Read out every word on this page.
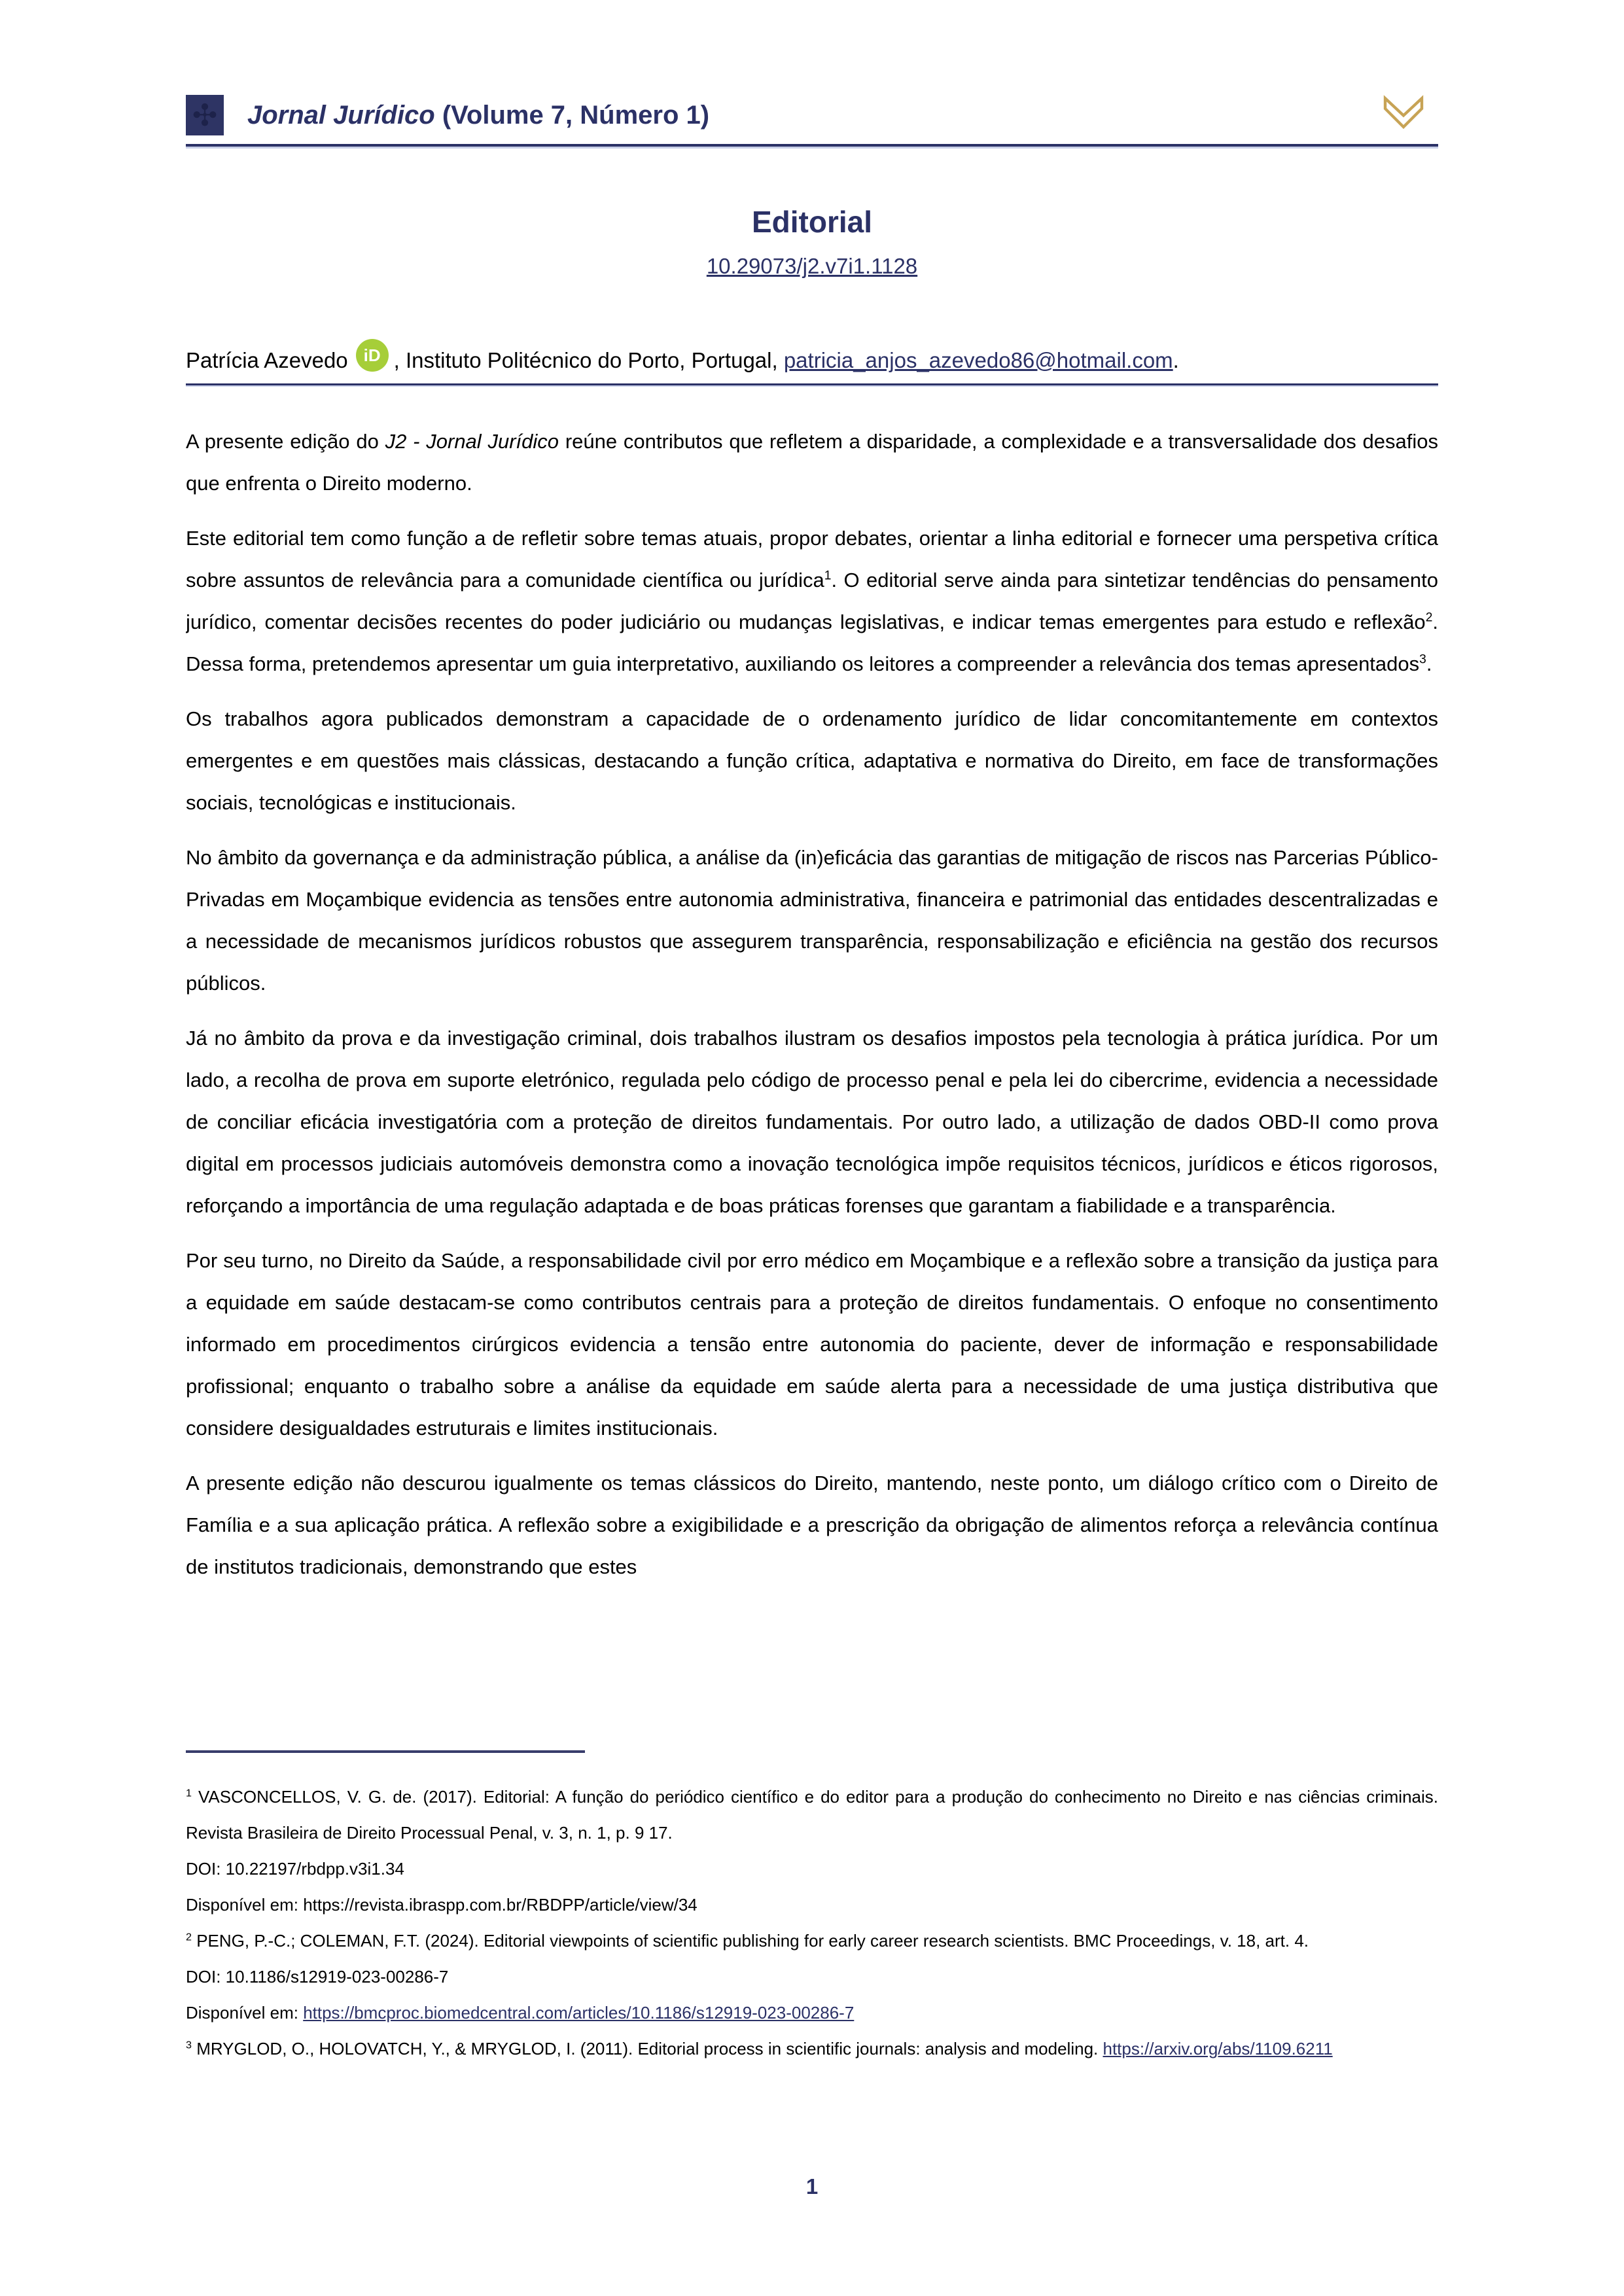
✣ Jornal Jurídico (Volume 7, Número 1)
Editorial
10.29073/j2.v7i1.1128
Patrícia Azevedo iD , Instituto Politécnico do Porto, Portugal, patricia_anjos_azevedo86@hotmail.com.

A presente edição do J2 - Jornal Jurídico reúne contributos que refletem a disparidade, a complexidade e a transversalidade dos desafios que enfrenta o Direito moderno.

Este editorial tem como função a de refletir sobre temas atuais, propor debates, orientar a linha editorial e fornecer uma perspetiva crítica sobre assuntos de relevância para a comunidade científica ou jurídica$^1$. O editorial serve ainda para sintetizar tendências do pensamento jurídico, comentar decisões recentes do poder judiciário ou mudanças legislativas, e indicar temas emergentes para estudo e reflexão$^2$. Dessa forma, pretendemos apresentar um guia interpretativo, auxiliando os leitores a compreender a relevância dos temas apresentados$^3$.

Os trabalhos agora publicados demonstram a capacidade de o ordenamento jurídico de lidar concomitantemente em contextos emergentes e em questões mais clássicas, destacando a função crítica, adaptativa e normativa do Direito, em face de transformações sociais, tecnológicas e institucionais.

No âmbito da governança e da administração pública, a análise da (in)eficácia das garantias de mitigação de riscos nas Parcerias Público-Privadas em Moçambique evidencia as tensões entre autonomia administrativa, financeira e patrimonial das entidades descentralizadas e a necessidade de mecanismos jurídicos robustos que assegurem transparência, responsabilização e eficiência na gestão dos recursos públicos.

Já no âmbito da prova e da investigação criminal, dois trabalhos ilustram os desafios impostos pela tecnologia à prática jurídica. Por um lado, a recolha de prova em suporte eletrónico, regulada pelo código de processo penal e pela lei do cibercrime, evidencia a necessidade de conciliar eficácia investigatória com a proteção de direitos fundamentais. Por outro lado, a utilização de dados OBD-II como prova digital em processos judiciais automóveis demonstra como a inovação tecnológica impõe requisitos técnicos, jurídicos e éticos rigorosos, reforçando a importância de uma regulação adaptada e de boas práticas forenses que garantam a fiabilidade e a transparência.

Por seu turno, no Direito da Saúde, a responsabilidade civil por erro médico em Moçambique e a reflexão sobre a transição da justiça para a equidade em saúde destacam-se como contributos centrais para a proteção de direitos fundamentais. O enfoque no consentimento informado em procedimentos cirúrgicos evidencia a tensão entre autonomia do paciente, dever de informação e responsabilidade profissional; enquanto o trabalho sobre a análise da equidade em saúde alerta para a necessidade de uma justiça distributiva que considere desigualdades estruturais e limites institucionais.

A presente edição não descurou igualmente os temas clássicos do Direito, mantendo, neste ponto, um diálogo crítico com o Direito de Família e a sua aplicação prática. A reflexão sobre a exigibilidade e a prescrição da obrigação de alimentos reforça a relevância contínua de institutos tradicionais, demonstrando que estes

$^1$ VASCONCELLOS, V. G. de. (2017). Editorial: A função do periódico científico e do editor para a produção do conhecimento no Direito e nas ciências criminais. Revista Brasileira de Direito Processual Penal, v. 3, n. 1, p. 9 17.

DOI: 10.22197/rbdpp.v3i1.34

Disponível em: https://revista.ibraspp.com.br/RBDPP/article/view/34

$^2$ PENG, P.-C.; COLEMAN, F.T. (2024). Editorial viewpoints of scientific publishing for early career research scientists. BMC Proceedings, v. 18, art. 4.

DOI: 10.1186/s12919-023-00286-7

Disponível em: https://bmcproc.biomedcentral.com/articles/10.1186/s12919-023-00286-7

$^3$ MRYGLOD, O., HOLOVATCH, Y., & MRYGLOD, I. (2011). Editorial process in scientific journals: analysis and modeling. https://arxiv.org/abs/1109.6211

1
